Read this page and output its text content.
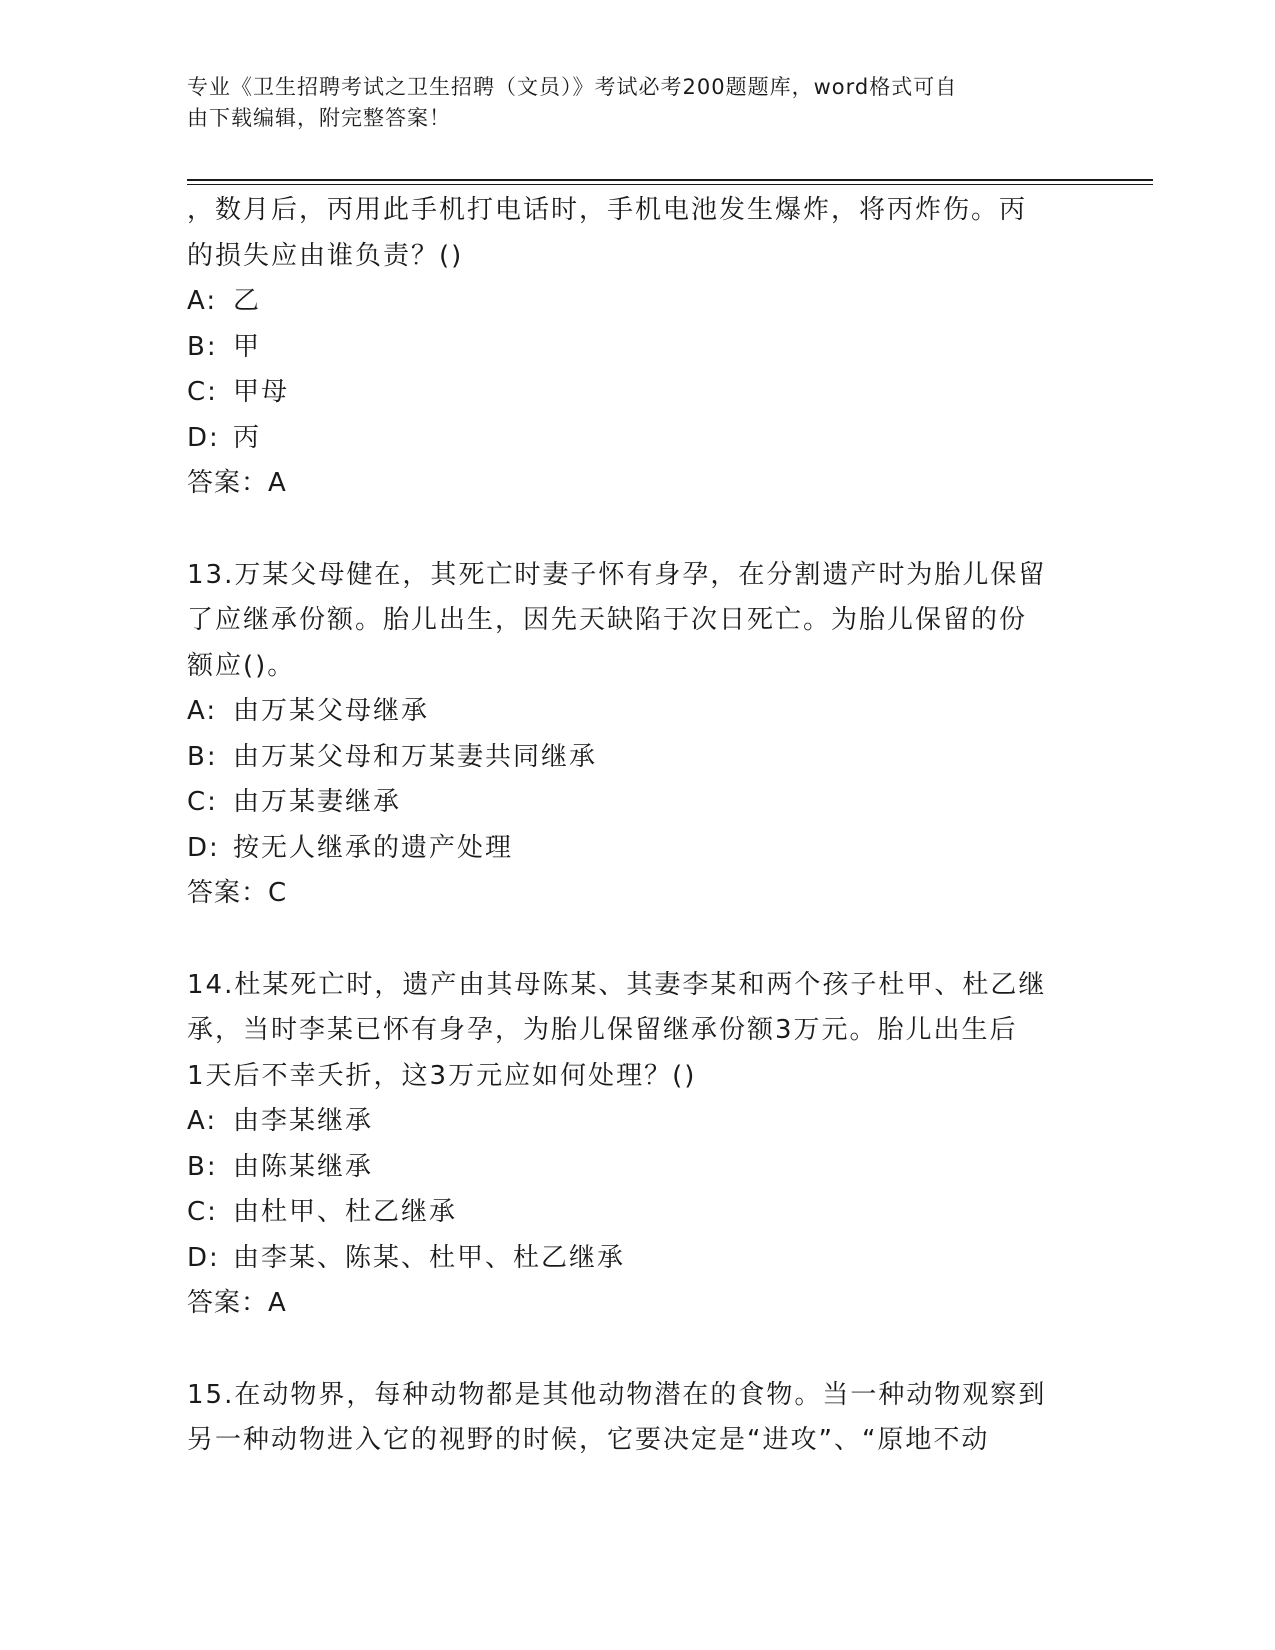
专业《卫生招聘考试之卫生招聘（文员）》考试必考200题题库，word格式可自
由下载编辑，附完整答案！
，数月后，丙用此手机打电话时，手机电池发生爆炸，将丙炸伤。丙
的损失应由谁负责？()
A: 乙
B: 甲
C: 甲母
D: 丙
答案：A
13.万某父母健在，其死亡时妻子怀有身孕，在分割遗产时为胎儿保留
了应继承份额。胎儿出生，因先天缺陷于次日死亡。为胎儿保留的份
额应()。
A: 由万某父母继承
B: 由万某父母和万某妻共同继承
C: 由万某妻继承
D: 按无人继承的遗产处理
答案：C
14.杜某死亡时，遗产由其母陈某、其妻李某和两个孩子杜甲、杜乙继
承，当时李某已怀有身孕，为胎儿保留继承份额3万元。胎儿出生后
1天后不幸夭折，这3万元应如何处理？()
A: 由李某继承
B: 由陈某继承
C: 由杜甲、杜乙继承
D: 由李某、陈某、杜甲、杜乙继承
答案：A
15.在动物界，每种动物都是其他动物潜在的食物。当一种动物观察到
另一种动物进入它的视野的时候，它要决定是“进攻”、“原地不动
